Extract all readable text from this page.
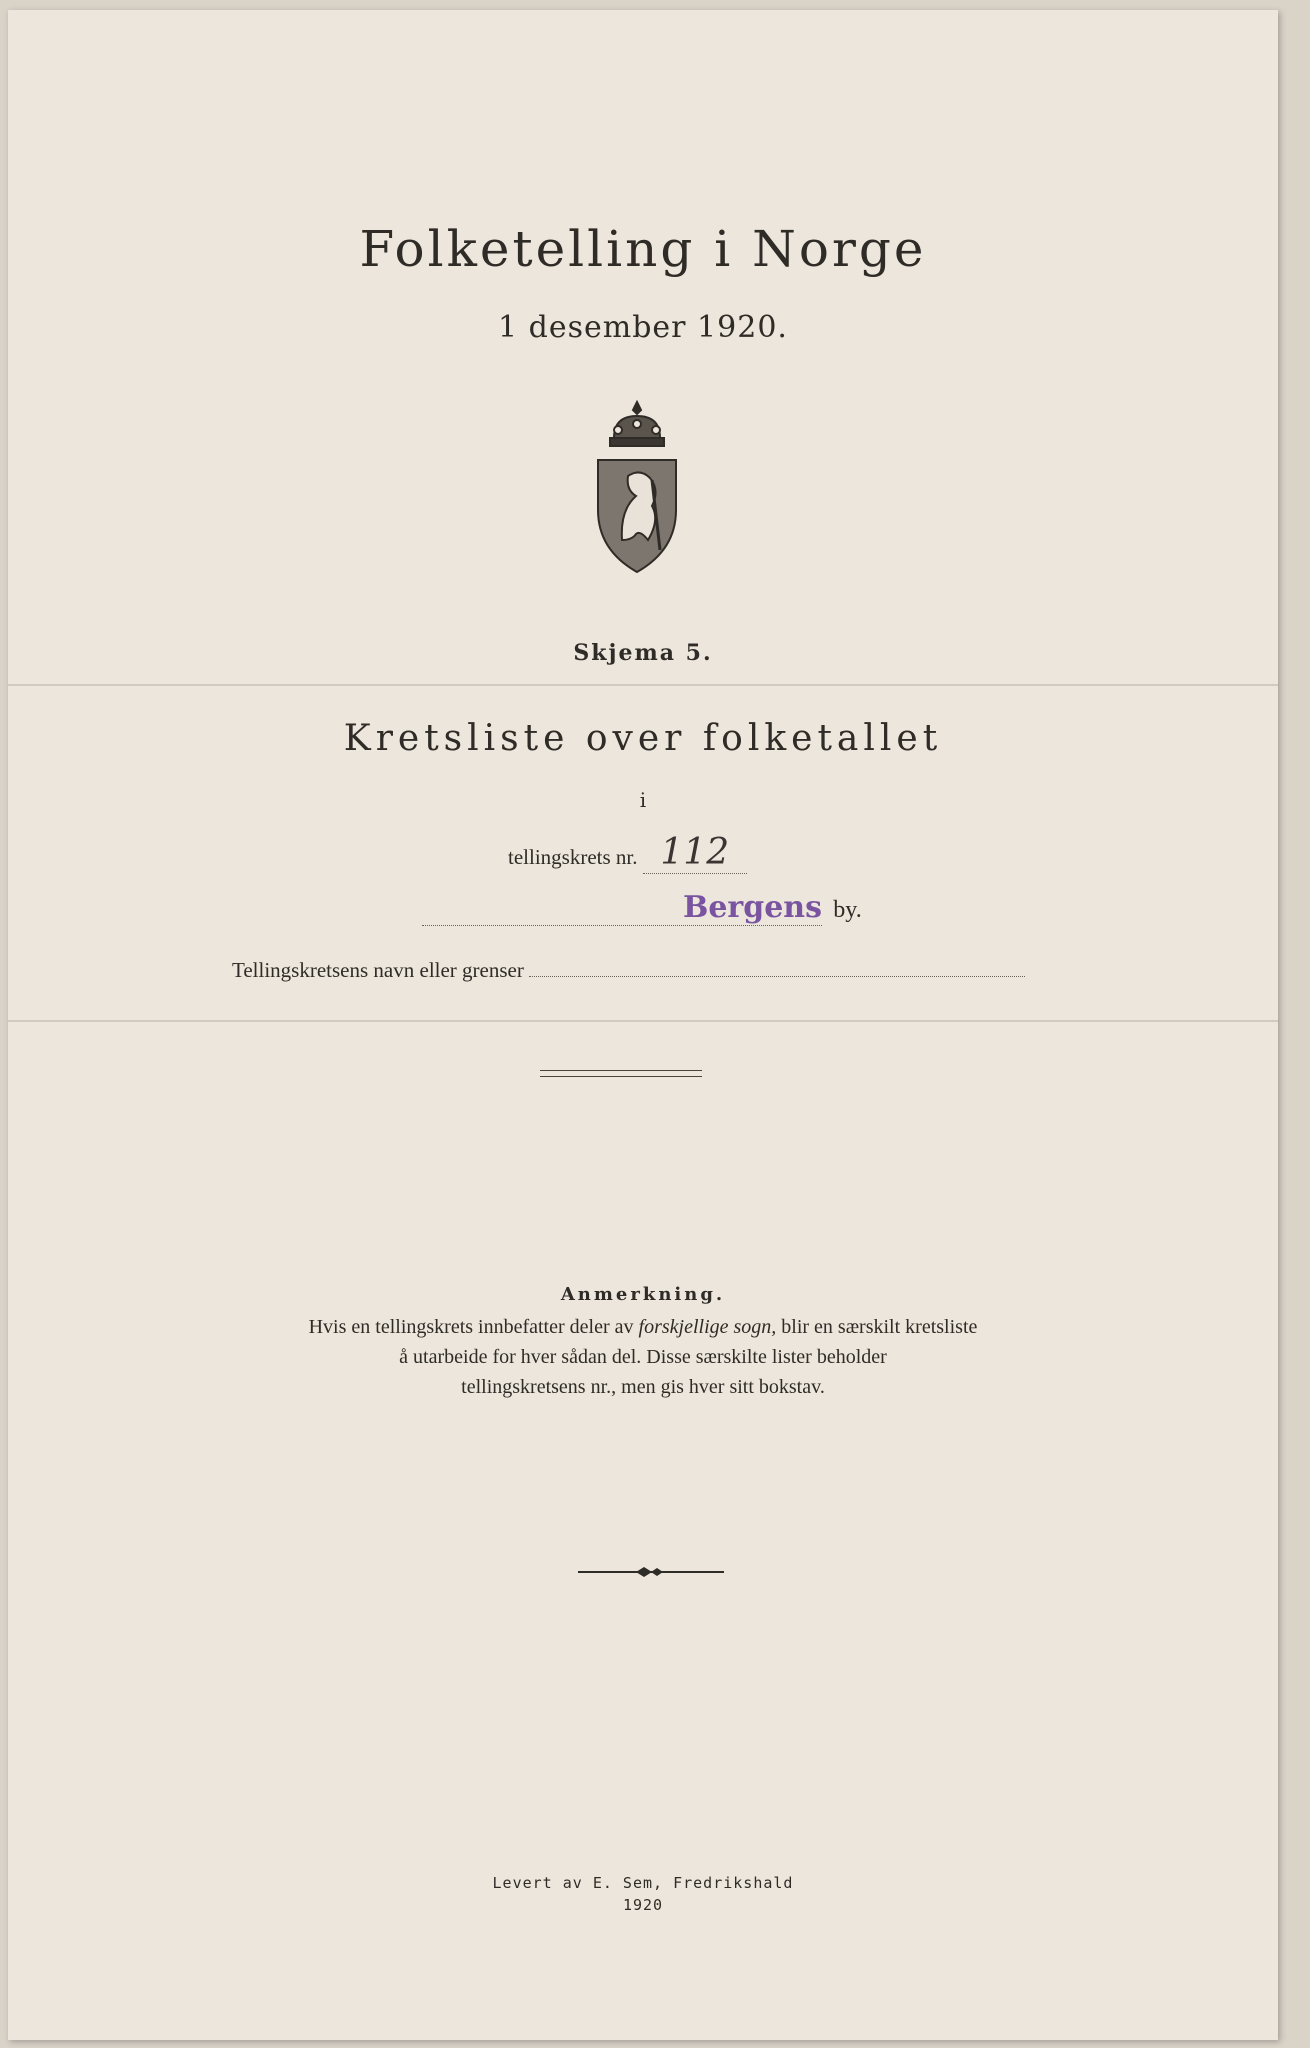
Folketelling i Norge
1 desember 1920.
Skjema 5.
Kretsliste over folketallet
i
tellingskrets nr. 112
Bergens by.
Tellingskretsens navn eller grenser
Anmerkning.
Hvis en tellingskrets innbefatter deler av forskjellige sogn, blir en særskilt kretsliste
å utarbeide for hver sådan del. Disse særskilte lister beholder
tellingskretsens nr., men gis hver sitt bokstav.
Levert av E. Sem, Fredrikshald
1920
